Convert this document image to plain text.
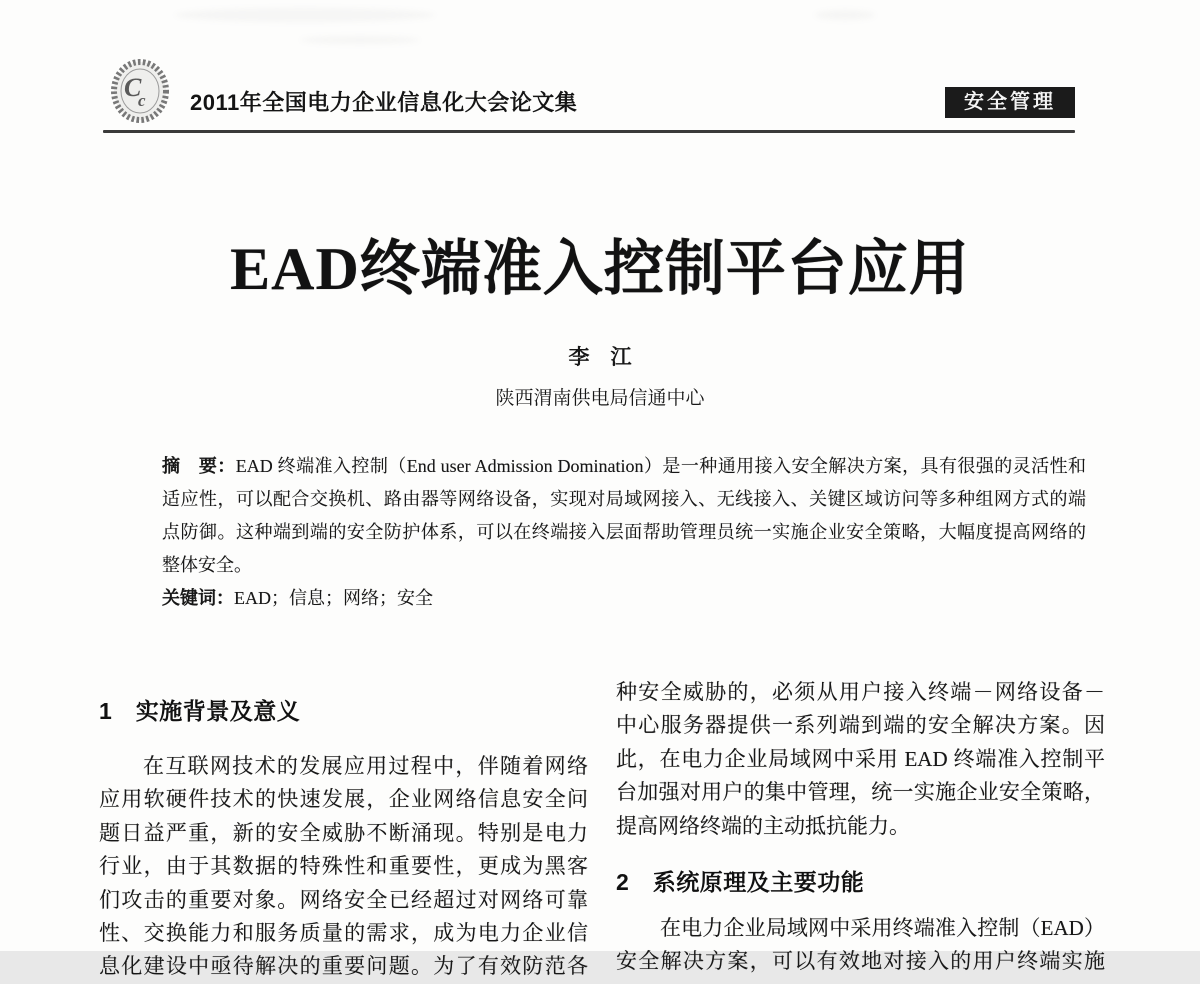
C
c 2011年全国电力企业信息化大会论文集	安全管理
EAD终端准入控制平台应用
李　江
陕西渭南供电局信通中心
摘　要：EAD 终端准入控制（End user Admission Domination）是一种通用接入安全解决方案，具有很强的灵活性和
适应性，可以配合交换机、路由器等网络设备，实现对局域网接入、无线接入、关键区域访问等多种组网方式的端
点防御。这种端到端的安全防护体系，可以在终端接入层面帮助管理员统一实施企业安全策略，大幅度提高网络的
整体安全。
关键词：EAD；信息；网络；安全
1　实施背景及意义
在互联网技术的发展应用过程中，伴随着网络
应用软硬件技术的快速发展，企业网络信息安全问
题日益严重，新的安全威胁不断涌现。特别是电力
行业，由于其数据的特殊性和重要性，更成为黑客
们攻击的重要对象。网络安全已经超过对网络可靠
性、交换能力和服务质量的需求，成为电力企业信
息化建设中亟待解决的重要问题。为了有效防范各
种安全威胁的，必须从用户接入终端－网络设备－
中心服务器提供一系列端到端的安全解决方案。因
此，在电力企业局域网中采用 EAD 终端准入控制平
台加强对用户的集中管理，统一实施企业安全策略，
提高网络终端的主动抵抗能力。
2　系统原理及主要功能
在电力企业局域网中采用终端准入控制（EAD）
安全解决方案，可以有效地对接入的用户终端实施
